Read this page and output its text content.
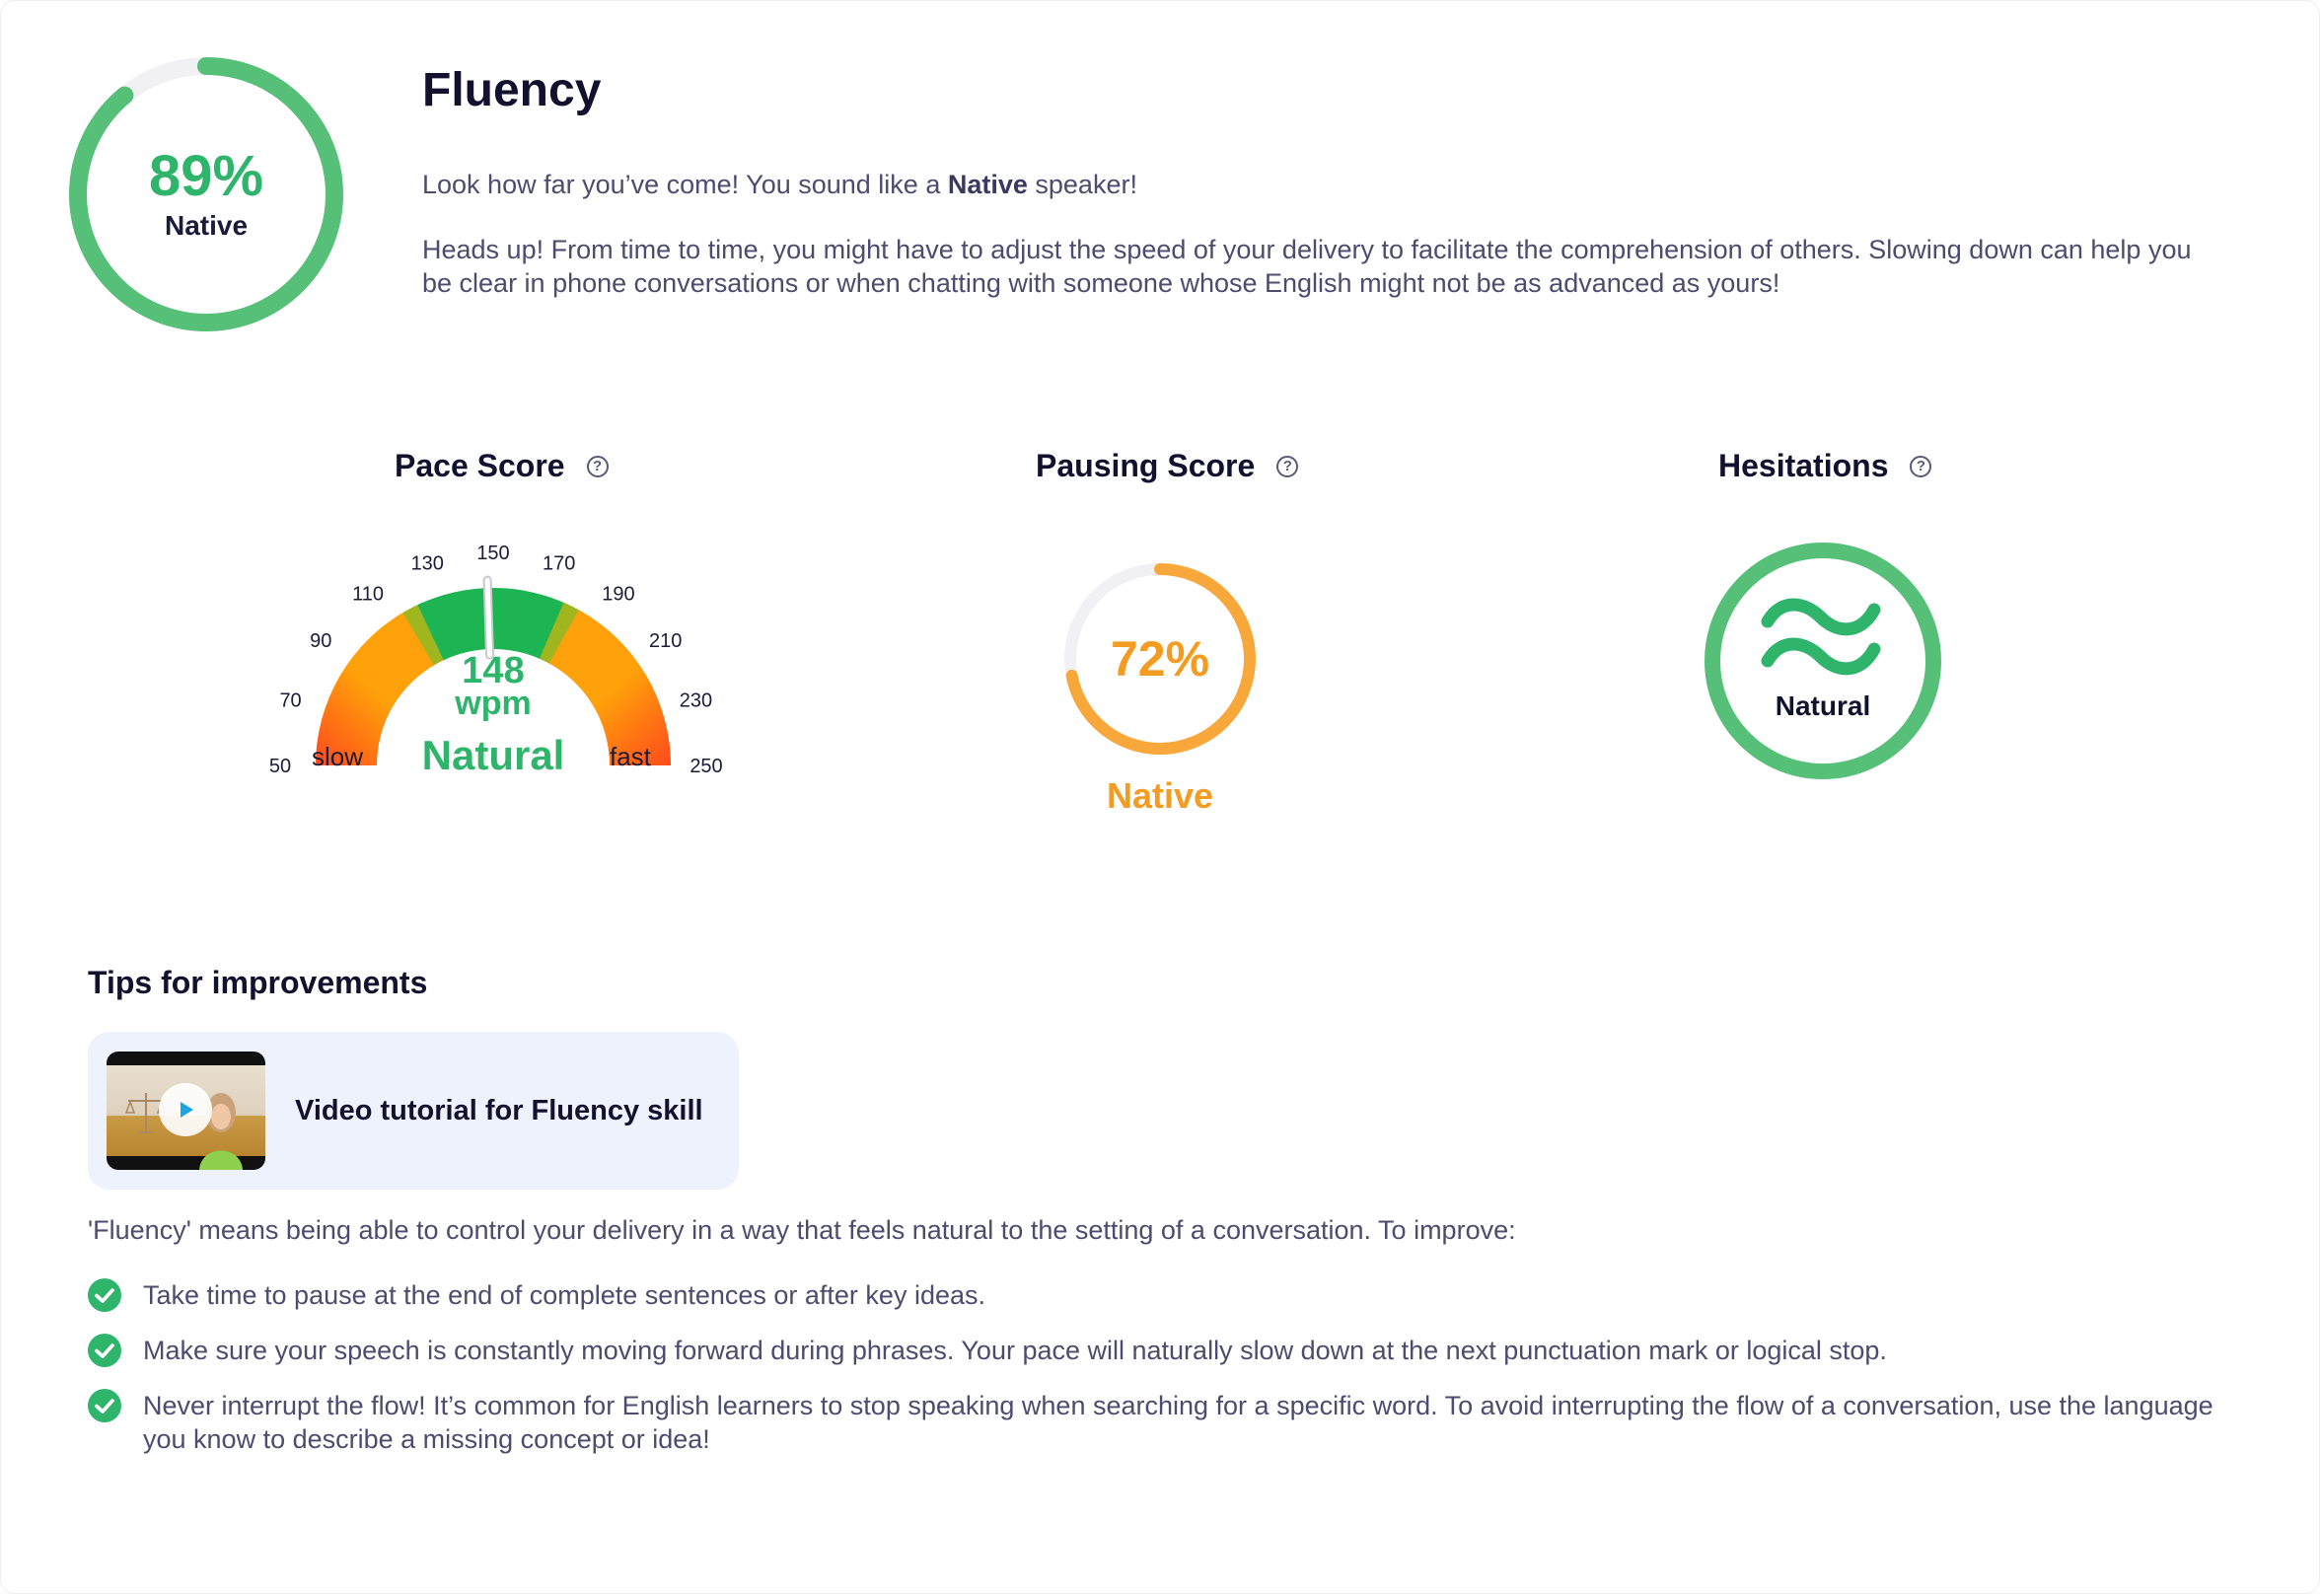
89%
Native
Fluency

Look how far you’ve come! You sound like a Native speaker!

Heads up! From time to time, you might have to adjust the speed of your delivery to facilitate the comprehension of others. Slowing down can help you be clear in phone conversations or when chatting with someone whose English might not be as advanced as yours!

Pace Score	?
50
70
90
110
130 150 170
190
210
230
250
148
wpm
Natural
slow	fast
Pausing Score	?
72%
Native
Hesitations	?
Natural
Tips for improvements
Video tutorial for Fluency skill

'Fluency' means being able to control your delivery in a way that feels natural to the setting of a conversation. To improve:

Take time to pause at the end of complete sentences or after key ideas.
Make sure your speech is constantly moving forward during phrases. Your pace will naturally slow down at the next punctuation mark or logical stop.
Never interrupt the flow! It’s common for English learners to stop speaking when searching for a specific word. To avoid interrupting the flow of a conversation, use the language you know to describe a missing concept or idea!
